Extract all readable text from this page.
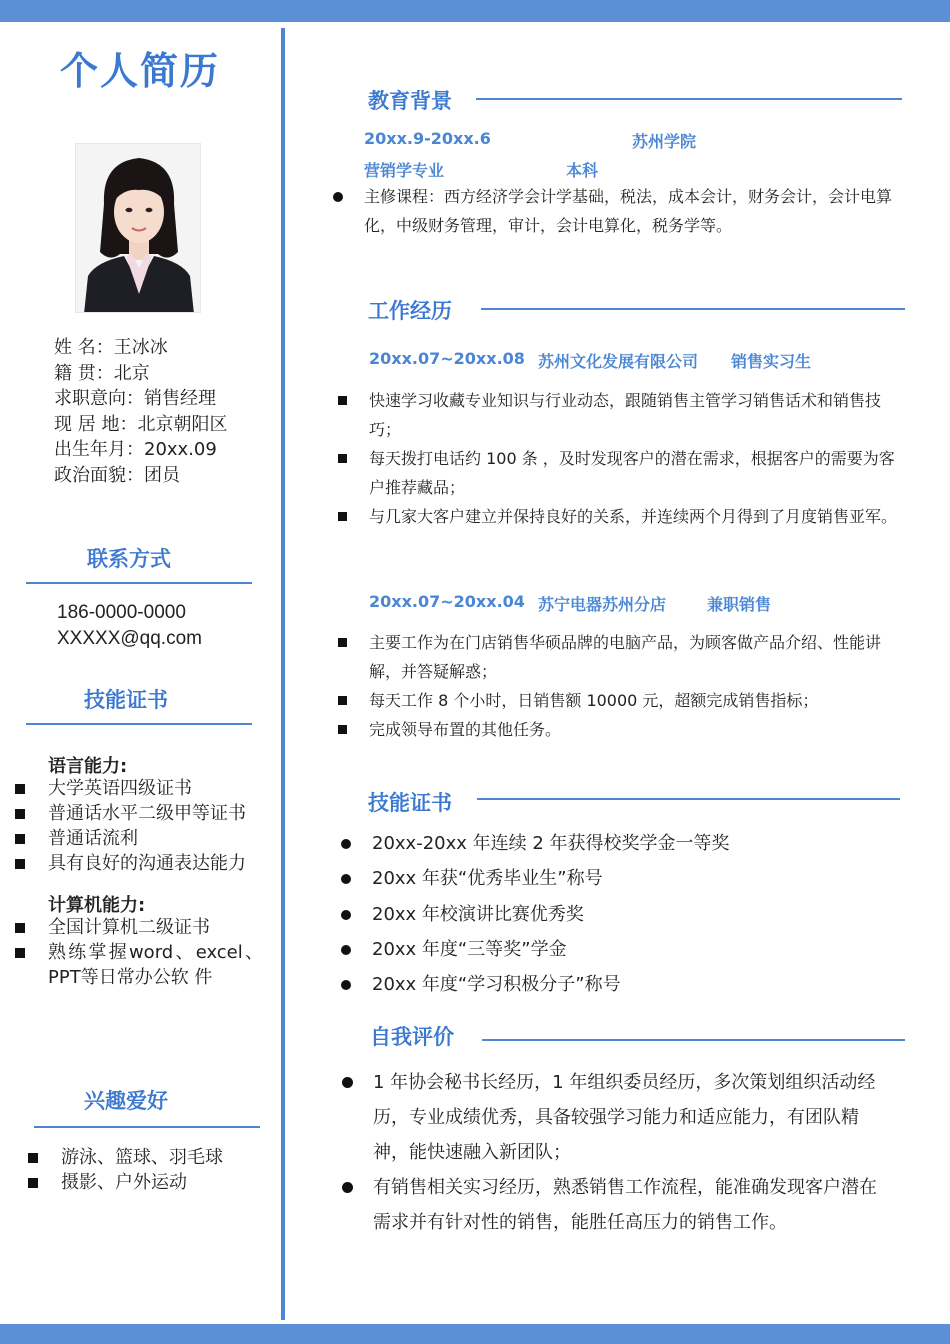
个人简历
姓 名：王冰冰
籍 贯：北京
求职意向：销售经理
现 居 地：北京朝阳区
出生年月：20xx.09
政治面貌：团员
联系方式
186-0000-0000
XXXXX@qq.com
技能证书
语言能力:
大学英语四级证书
普通话水平二级甲等证书
普通话流利
具有良好的沟通表达能力
计算机能力:
全国计算机二级证书
熟练掌握word、excel、PPT等日常办公软 件
兴趣爱好
游泳、篮球、羽毛球
摄影、户外运动
教育背景
20xx.9-20xx.6	苏州学院
营销学专业	本科
主修课程：西方经济学会计学基础，税法，成本会计，财务会计，会计电算化，中级财务管理，审计，会计电算化，税务学等。
工作经历
20xx.07~20xx.08 苏州文化发展有限公司 销售实习生
快速学习收藏专业知识与行业动态，跟随销售主管学习销售话术和销售技巧；
每天拨打电话约 100 条 ，及时发现客户的潜在需求，根据客户的需要为客户推荐藏品；
与几家大客户建立并保持良好的关系，并连续两个月得到了月度销售亚军。
20xx.07~20xx.04 苏宁电器苏州分店	兼职销售
主要工作为在门店销售华硕品牌的电脑产品，为顾客做产品介绍、性能讲解，并答疑解惑；
每天工作 8 个小时，日销售额 10000 元，超额完成销售指标；
完成领导布置的其他任务。
技能证书
20xx-20xx 年连续 2 年获得校奖学金一等奖
20xx 年获“优秀毕业生”称号
20xx 年校演讲比赛优秀奖
20xx 年度“三等奖”学金
20xx 年度“学习积极分子”称号
自我评价
1 年协会秘书长经历，1 年组织委员经历，多次策划组织活动经历，专业成绩优秀，具备较强学习能力和适应能力，有团队精神，能快速融入新团队；
有销售相关实习经历，熟悉销售工作流程，能准确发现客户潜在需求并有针对性的销售，能胜任高压力的销售工作。
